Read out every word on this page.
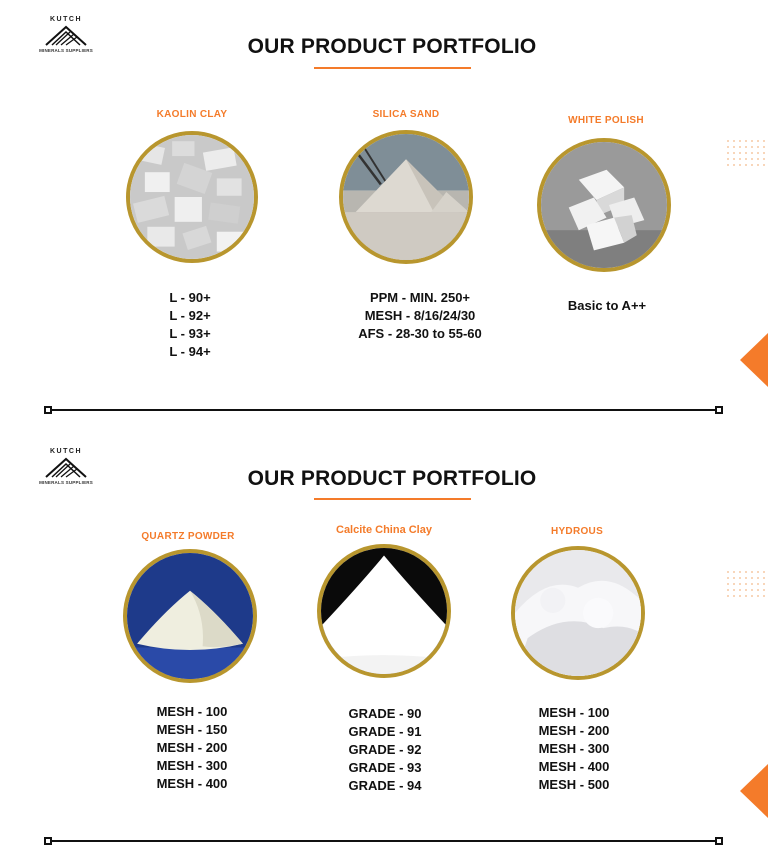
KUTCH
MINERALS SUPPLIERS	OUR PRODUCT PORTFOLIO
KAOLIN CLAY
L - 90+
L - 92+
L - 93+
L - 94+
SILICA SAND
PPM - MIN. 250+
MESH - 8/16/24/30
AFS - 28-30 to 55-60
WHITE POLISH
Basic to A++
KUTCH
MINERALS SUPPLIERS	OUR PRODUCT PORTFOLIO
QUARTZ POWDER
MESH - 100
MESH - 150
MESH - 200
MESH - 300
MESH - 400
Calcite China Clay
GRADE - 90
GRADE - 91
GRADE - 92
GRADE - 93
GRADE - 94
HYDROUS
MESH - 100
MESH - 200
MESH - 300
MESH - 400
MESH - 500
